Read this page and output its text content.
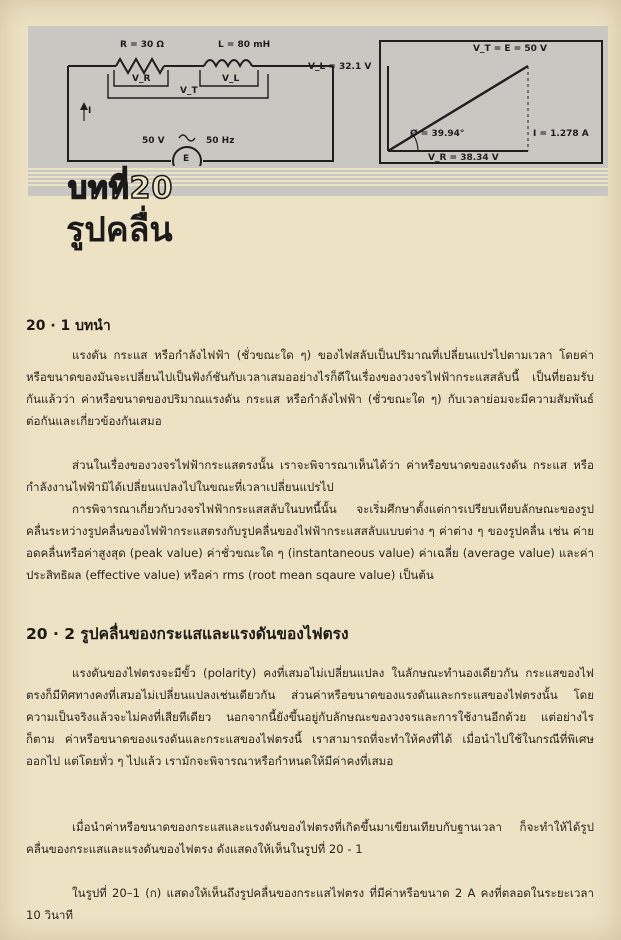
R = 30 Ω	L = 80 mH
V_R	V_L
V_T
I
50 V	50 Hz
E
V_T = E = 50 V
V_L = 32.1 V
Ø = 39.94°	I = 1.278 A
V_R = 38.34 V
บทที่20
รูปคลื่น
20 · 1 บทนำ
แรงดัน กระแส หรือกำลังไฟฟ้า (ชั่วขณะใด ๆ) ของไฟสลับเป็นปริมาณที่เปลี่ยนแปรไปตามเวลา โดยค่าหรือขนาดของมันจะเปลี่ยนไปเป็นฟังก์ชันกับเวลาเสมออย่างไรก็ดีในเรื่องของวงจรไฟฟ้ากระแสสลับนี้ เป็นที่ยอมรับกันแล้วว่า ค่าหรือขนาดของปริมาณแรงดัน กระแส หรือกำลังไฟฟ้า (ชั่วขณะใด ๆ) กับเวลาย่อมจะมีความสัมพันธ์ต่อกันและเกี่ยวข้องกันเสมอ
ส่วนในเรื่องของวงจรไฟฟ้ากระแสตรงนั้น เราจะพิจารณาเห็นได้ว่า ค่าหรือขนาดของแรงดัน กระแส หรือกำลังงานไฟฟ้ามิได้เปลี่ยนแปลงไปในขณะที่เวลาเปลี่ยนแปรไป
การพิจารณาเกี่ยวกับวงจรไฟฟ้ากระแสสลับในบทนี้นั้น จะเริ่มศึกษาตั้งแต่การเปรียบเทียบลักษณะของรูปคลื่นระหว่างรูปคลื่นของไฟฟ้ากระแสตรงกับรูปคลื่นของไฟฟ้ากระแสสลับแบบต่าง ๆ ค่าต่าง ๆ ของรูปคลื่น เช่น ค่ายอดคลื่นหรือค่าสูงสุด (peak value) ค่าชั่วขณะใด ๆ (instantaneous value) ค่าเฉลี่ย (average value) และค่าประสิทธิผล (effective value) หรือค่า rms (root mean sqaure value) เป็นต้น
20 · 2 รูปคลื่นของกระแสและแรงดันของไฟตรง
แรงดันของไฟตรงจะมีขั้ว (polarity) คงที่เสมอไม่เปลี่ยนแปลง ในลักษณะทำนองเดียวกัน กระแสของไฟตรงก็มีทิศทางคงที่เสมอไม่เปลี่ยนแปลงเช่นเดียวกัน ส่วนค่าหรือขนาดของแรงดันและกระแสของไฟตรงนั้น โดยความเป็นจริงแล้วจะไม่คงที่เสียทีเดียว นอกจากนี้ยังขึ้นอยู่กับลักษณะของวงจรและการใช้งานอีกด้วย แต่อย่างไรก็ตาม ค่าหรือขนาดของแรงดันและกระแสของไฟตรงนี้ เราสามารถที่จะทำให้คงที่ได้ เมื่อนำไปใช้ในกรณีที่พิเศษออกไป แต่โดยทั่ว ๆ ไปแล้ว เรามักจะพิจารณาหรือกำหนดให้มีค่าคงที่เสมอ
เมื่อนำค่าหรือขนาดของกระแสและแรงดันของไฟตรงที่เกิดขึ้นมาเขียนเทียบกับฐานเวลา ก็จะทำให้ได้รูปคลื่นของกระแสและแรงดันของไฟตรง ดังแสดงให้เห็นในรูปที่ 20 - 1
ในรูปที่ 20–1 (ก) แสดงให้เห็นถึงรูปคลื่นของกระแสไฟตรง ที่มีค่าหรือขนาด 2 A คงที่ตลอดในระยะเวลา 10 วินาที
